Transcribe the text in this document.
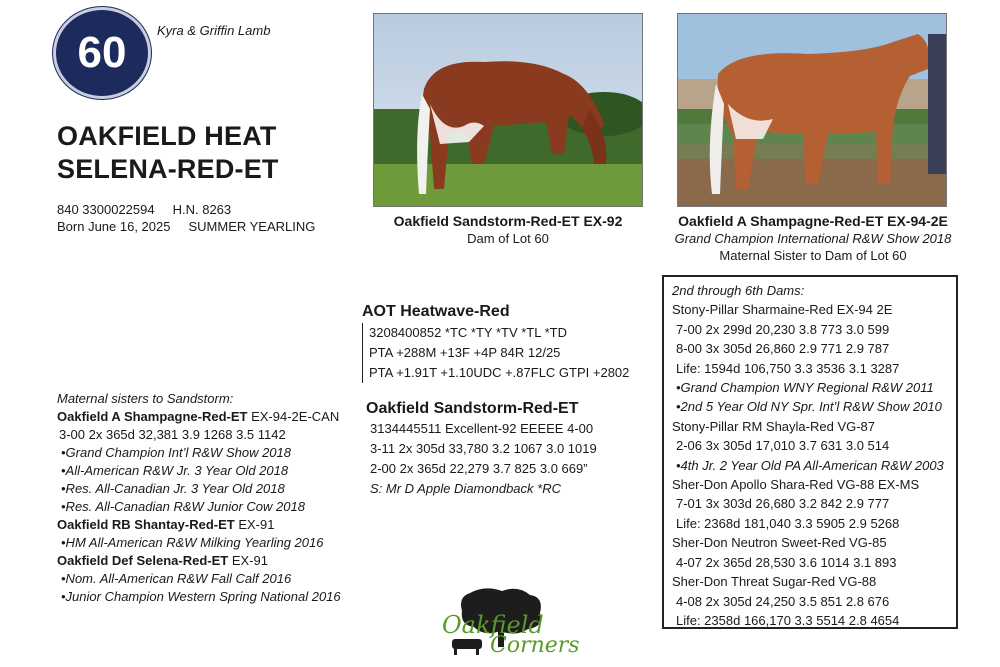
60 Kyra & Griffin Lamb
OAKFIELD HEAT
SELENA-RED-ET
840 3300022594 H.N. 8263
Born June 16, 2025 SUMMER YEARLING	Oakfield Sandstorm-Red-ET EX-92
Dam of Lot 60
Oakfield A Shampagne-Red-ET EX-94-2E
Grand Champion International R&W Show 2018
Maternal Sister to Dam of Lot 60
AOT Heatwave-Red
3208400852 *TC *TY *TV *TL *TD
PTA +288M +13F +4P 84R 12/25
PTA +1.91T +1.10UDC +.87FLC GTPI +2802
Oakfield Sandstorm-Red-ET
3134445511 Excellent-92 EEEEE 4-00
3-11 2x 305d 33,780 3.2 1067 3.0 1019
2-00 2x 365d 22,279 3.7 825 3.0 669”
S: Mr D Apple Diamondback *RC
Maternal sisters to Sandstorm:
Oakfield A Shampagne-Red-ET EX-94-2E-CAN
3-00 2x 365d 32,381 3.9 1268 3.5 1142
•Grand Champion Int’l R&W Show 2018
•All-American R&W Jr. 3 Year Old 2018
•Res. All-Canadian Jr. 3 Year Old 2018
•Res. All-Canadian R&W Junior Cow 2018
Oakfield RB Shantay-Red-ET EX-91
•HM All-American R&W Milking Yearling 2016
Oakfield Def Selena-Red-ET EX-91
•Nom. All-American R&W Fall Calf 2016
•Junior Champion Western Spring National 2016
2nd through 6th Dams:
Stony-Pillar Sharmaine-Red EX-94 2E
7-00 2x 299d 20,230 3.8 773 3.0 599
8-00 3x 305d 26,860 2.9 771 2.9 787
Life: 1594d 106,750 3.3 3536 3.1 3287
•Grand Champion WNY Regional R&W 2011
•2nd 5 Year Old NY Spr. Int’l R&W Show 2010
Stony-Pillar RM Shayla-Red VG-87
2-06 3x 305d 17,010 3.7 631 3.0 514
•4th Jr. 2 Year Old PA All-American R&W 2003
Sher-Don Apollo Shara-Red VG-88 EX-MS
7-01 3x 303d 26,680 3.2 842 2.9 777
Life: 2368d 181,040 3.3 5905 2.9 5268
Sher-Don Neutron Sweet-Red VG-85
4-07 2x 365d 28,530 3.6 1014 3.1 893
Sher-Don Threat Sugar-Red VG-88
4-08 2x 305d 24,250 3.5 851 2.8 676
Life: 2358d 166,170 3.3 5514 2.8 4654
Oakfield
Corners
